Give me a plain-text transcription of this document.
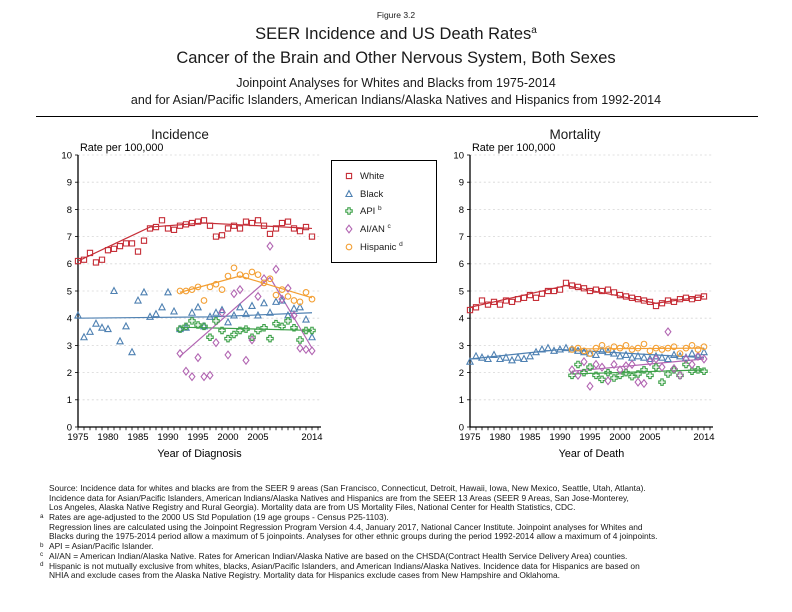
Figure 3.2
SEER Incidence and US Death Rates$^a$
Cancer of the Brain and Other Nervous System, Both Sexes
Joinpoint Analyses for Whites and Blacks from 1975-2014
and for Asian/Pacific Islanders, American Indians/Alaska Natives and Hispanics from 1992-2014
Incidence	Mortality
0
1
2
3
4
5
6
7
8
9
10
1975 1980 1985 1990 1995 2000 2005	2014
Rate per 100,000
Year of Diagnosis
0
1
2
3
4
5
6
7
8
9
10
1975 1980 1985 1990 1995 2000 2005	2014
Rate per 100,000
Year of Death
White
Black
API $^b$
AI/AN $^c$
Hispanic $^d$
Source: Incidence data for whites and blacks are from the SEER 9 areas (San Francisco, Connecticut, Detroit, Hawaii, Iowa, New Mexico, Seattle, Utah, Atlanta).
Incidence data for Asian/Pacific Islanders, American Indians/Alaska Natives and Hispanics are from the SEER 13 Areas (SEER 9 Areas, San Jose-Monterey,
Los Angeles, Alaska Native Registry and Rural Georgia). Mortality data are from US Mortality Files, National Center for Health Statistics, CDC.
a Rates are age-adjusted to the 2000 US Std Population (19 age groups - Census P25-1103).
Regression lines are calculated using the Joinpoint Regression Program Version 4.4, January 2017, National Cancer Institute. Joinpoint analyses for Whites and
Blacks during the 1975-2014 period allow a maximum of 5 joinpoints. Analyses for other ethnic groups during the period 1992-2014 allow a maximum of 4 joinpoints.
b API = Asian/Pacific Islander.
c AI/AN = American Indian/Alaska Native. Rates for American Indian/Alaska Native are based on the CHSDA(Contract Health Service Delivery Area) counties.
d Hispanic is not mutually exclusive from whites, blacks, Asian/Pacific Islanders, and American Indians/Alaska Natives. Incidence data for Hispanics are based on
NHIA and exclude cases from the Alaska Native Registry. Mortality data for Hispanics exclude cases from New Hampshire and Oklahoma.
